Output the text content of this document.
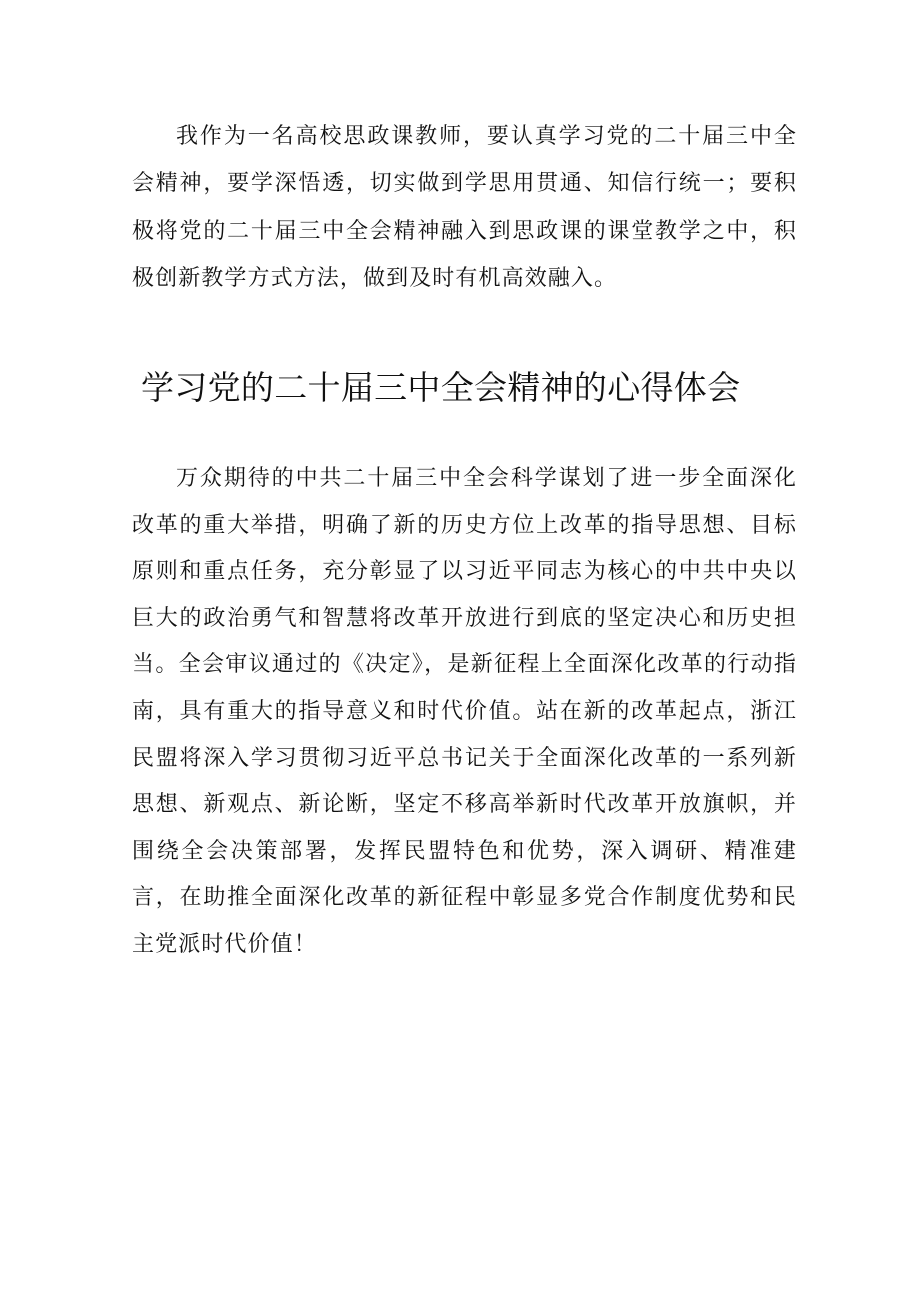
我作为一名高校思政课教师，要认真学习党的二十届三中全会精神，要学深悟透，切实做到学思用贯通、知信行统一；要积极将党的二十届三中全会精神融入到思政课的课堂教学之中，积极创新教学方式方法，做到及时有机高效融入。

学习党的二十届三中全会精神的心得体会

万众期待的中共二十届三中全会科学谋划了进一步全面深化改革的重大举措，明确了新的历史方位上改革的指导思想、目标原则和重点任务，充分彰显了以习近平同志为核心的中共中央以巨大的政治勇气和智慧将改革开放进行到底的坚定决心和历史担当。全会审议通过的《决定》，是新征程上全面深化改革的行动指南，具有重大的指导意义和时代价值。站在新的改革起点，浙江民盟将深入学习贯彻习近平总书记关于全面深化改革的一系列新思想、新观点、新论断，坚定不移高举新时代改革开放旗帜，并围绕全会决策部署，发挥民盟特色和优势，深入调研、精准建言，在助推全面深化改革的新征程中彰显多党合作制度优势和民主党派时代价值！
